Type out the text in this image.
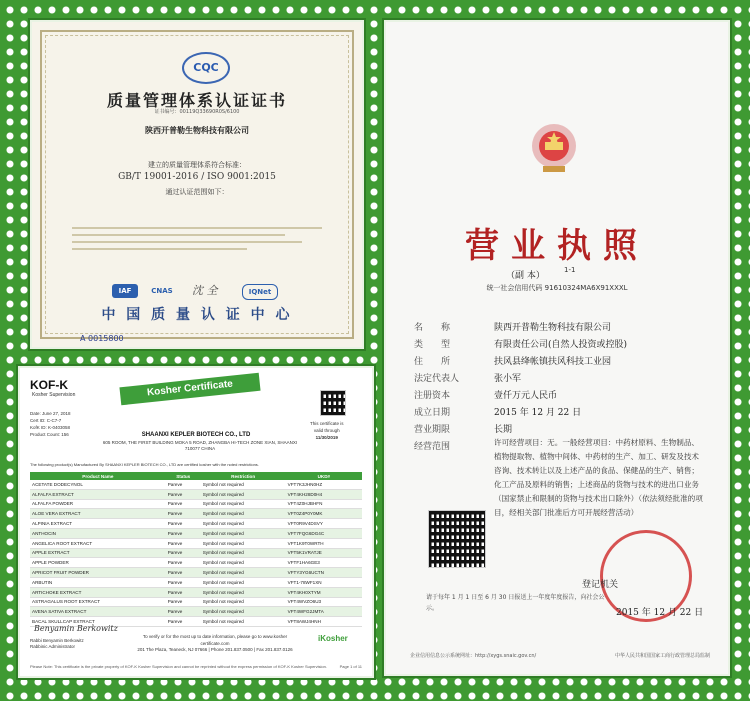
CQC
质量管理体系认证证书
证书编号：00119Q33690R0S/6100
陕西开普勒生物科技有限公司
建立的质量管理体系符合标准：
GB/T 19001-2016 / ISO 9001:2015
通过认证范围如下：
IAF	CNAS	沈 全	IQNet
中 国 质 量 认 证 中 心
A 0015800
营业执照
（副 本）
1-1
统一社会信用代码 91610324MA6X91XXXL
名　　称	陕西开普勒生物科技有限公司
类　　型	有限责任公司(自然人投资或控股)
住　　所	扶风县绛帐镇扶风科技工业园
法定代表人	张小军
注册资本	壹仟万元人民币
成立日期	2015 年 12 月 22 日
营业期限	长期
经营范围	许可经营项目：无。一般经营项目：中药材原料、生物制品、植物提取物、植物中间体、中药材的生产、加工、研发及技术咨询、技术转让以及上述产品的食品、保健品的生产、销售；化工产品及原料的销售；上述商品的货物与技术的进出口业务（国家禁止和限制的货物与技术出口除外）（依法须经批准的项目，经相关部门批准后方可开展经营活动）
登记机关
请于每年 1 月 1 日至 6 月 30 日报送上一年度年度报告，向社会公示。	2015 年 12 月 22 日
企业信用信息公示系统网址：http://xygs.snaic.gov.cn/	中华人民共和国国家工商行政管理总局监制
KOF-K
Kosher Supervision	Kosher Certificate
Date: June 27, 2018
Cert ID: C-C7-7
KofK ID: K-0403058
Product Count: 156
This certificate is
valid through
11/30/2019
SHAANXI KEPLER BIOTECH CO., LTD
605 ROOM, THE FIRST BUILDING MOKA 5 ROAD, ZHANGBA HI-TECH ZONE XIAN, SHAANXI 710077 CHINA
The following product(s) Manufactured By SHAANXI KEPLER BIOTECH CO., LTD are certified kosher with the noted restrictions.
Product Name	Status	Restriction	UKD#
ACETATE DODECYNOL	Pareve	Symbol not required	VFT7K3JHN0HZ
ALFALFA EXTRACT	Pareve	Symbol not required	VFT4KH28D0H4
ALFALFA POWDER	Pareve	Symbol not required	VFT4Z0HJBHFN
ALOE VERA EXTRACT	Pareve	Symbol not required	VFT0Z4P0Y0MK
ALPINIA EXTRACT	Pareve	Symbol not required	VFT0R9V4DSVY
ANTHOCIN	Pareve	Symbol not required	VFT7FQG6DG4C
ANGELICA ROOT EXTRACT	Pareve	Symbol not required	VFT1K9T0WRTH
APPLE EXTRACT	Pareve	Symbol not required	VFT5K1VRATJE
APPLE POWDER	Pareve	Symbol not required	VFTF1HA6GE3
APRICOT FRUIT POWDER	Pareve	Symbol not required	VFTY3YG6UCTN
ARBUTIN	Pareve	Symbol not required	VFT1-78WF1XN
ARTICHOKE EXTRACT	Pareve	Symbol not required	VFT4KH0XTYM
ASTRAGALUS ROOT EXTRACT	Pareve	Symbol not required	VFT4WVZO6U3
AVENA SATIVA EXTRACT	Pareve	Symbol not required	VFT4WFG2JMTA
BACAL SKULLCAP EXTRACT	Pareve	Symbol not required	VFT8AWJ4HNH
Benyamin Berkowitz
Rabbi Benyamin Berkowitz
Rabbinic Administrator
To verify or for the most up to date information, please go to www.kosher certificate.com
201 The Plaza, Teaneck, NJ 07666 | Phone 201.837.0500 | Fax 201.837.0126
iKosher
Please Note: This certificate is the private property of KOF-K Kosher Supervision and cannot be reprinted without the express permission of KOF-K Kosher Supervision.	Page 1 of 11
